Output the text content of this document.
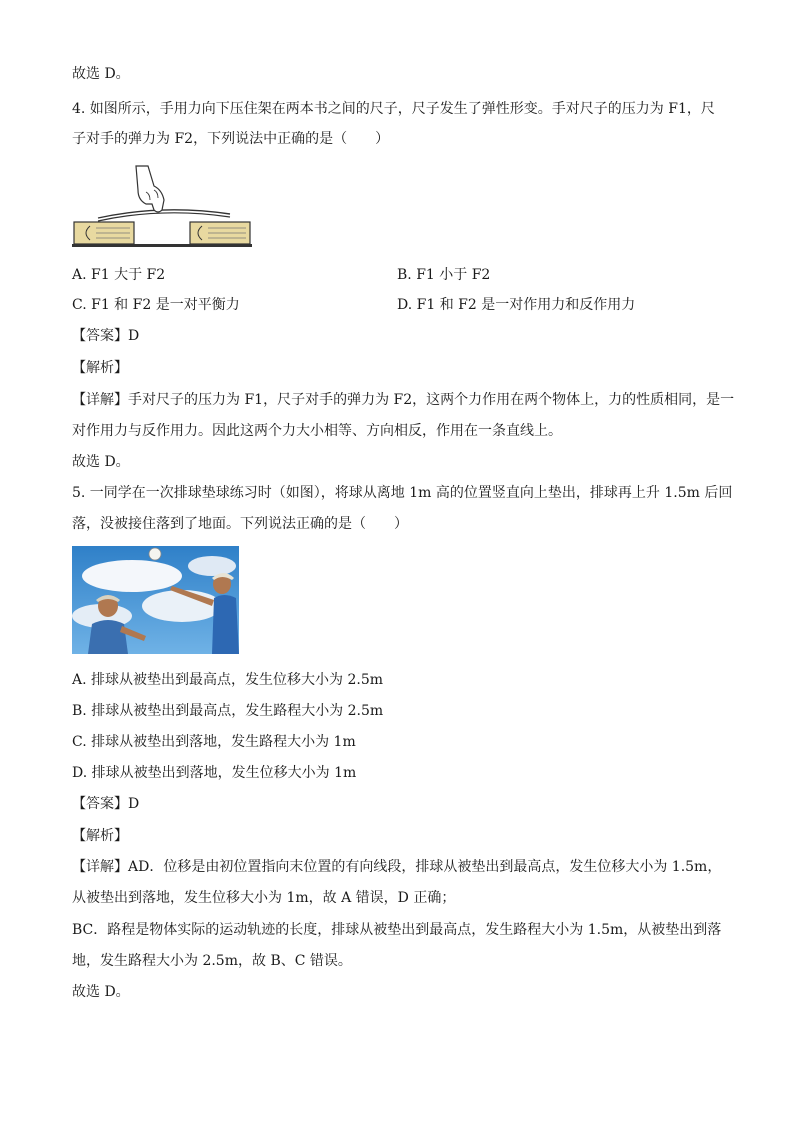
故选 D。
4. 如图所示，手用力向下压住架在两本书之间的尺子，尺子发生了弹性形变。手对尺子的压力为 F1，尺
子对手的弹力为 F2，下列说法中正确的是（　　）
A. F1 大于 F2	B. F1 小于 F2
C. F1 和 F2 是一对平衡力	D. F1 和 F2 是一对作用力和反作用力
【答案】D
【解析】
【详解】手对尺子的压力为 F1，尺子对手的弹力为 F2，这两个力作用在两个物体上，力的性质相同，是一
对作用力与反作用力。因此这两个力大小相等、方向相反，作用在一条直线上。
故选 D。
5. 一同学在一次排球垫球练习时（如图），将球从离地 1m 高的位置竖直向上垫出，排球再上升 1.5m 后回
落，没被接住落到了地面。下列说法正确的是（　　）
A. 排球从被垫出到最高点，发生位移大小为 2.5m
B. 排球从被垫出到最高点，发生路程大小为 2.5m
C. 排球从被垫出到落地，发生路程大小为 1m
D. 排球从被垫出到落地，发生位移大小为 1m
【答案】D
【解析】
【详解】AD．位移是由初位置指向末位置的有向线段，排球从被垫出到最高点，发生位移大小为 1.5m，
从被垫出到落地，发生位移大小为 1m，故 A 错误，D 正确；
BC．路程是物体实际的运动轨迹的长度，排球从被垫出到最高点，发生路程大小为 1.5m，从被垫出到落
地，发生路程大小为 2.5m，故 B、C 错误。
故选 D。
